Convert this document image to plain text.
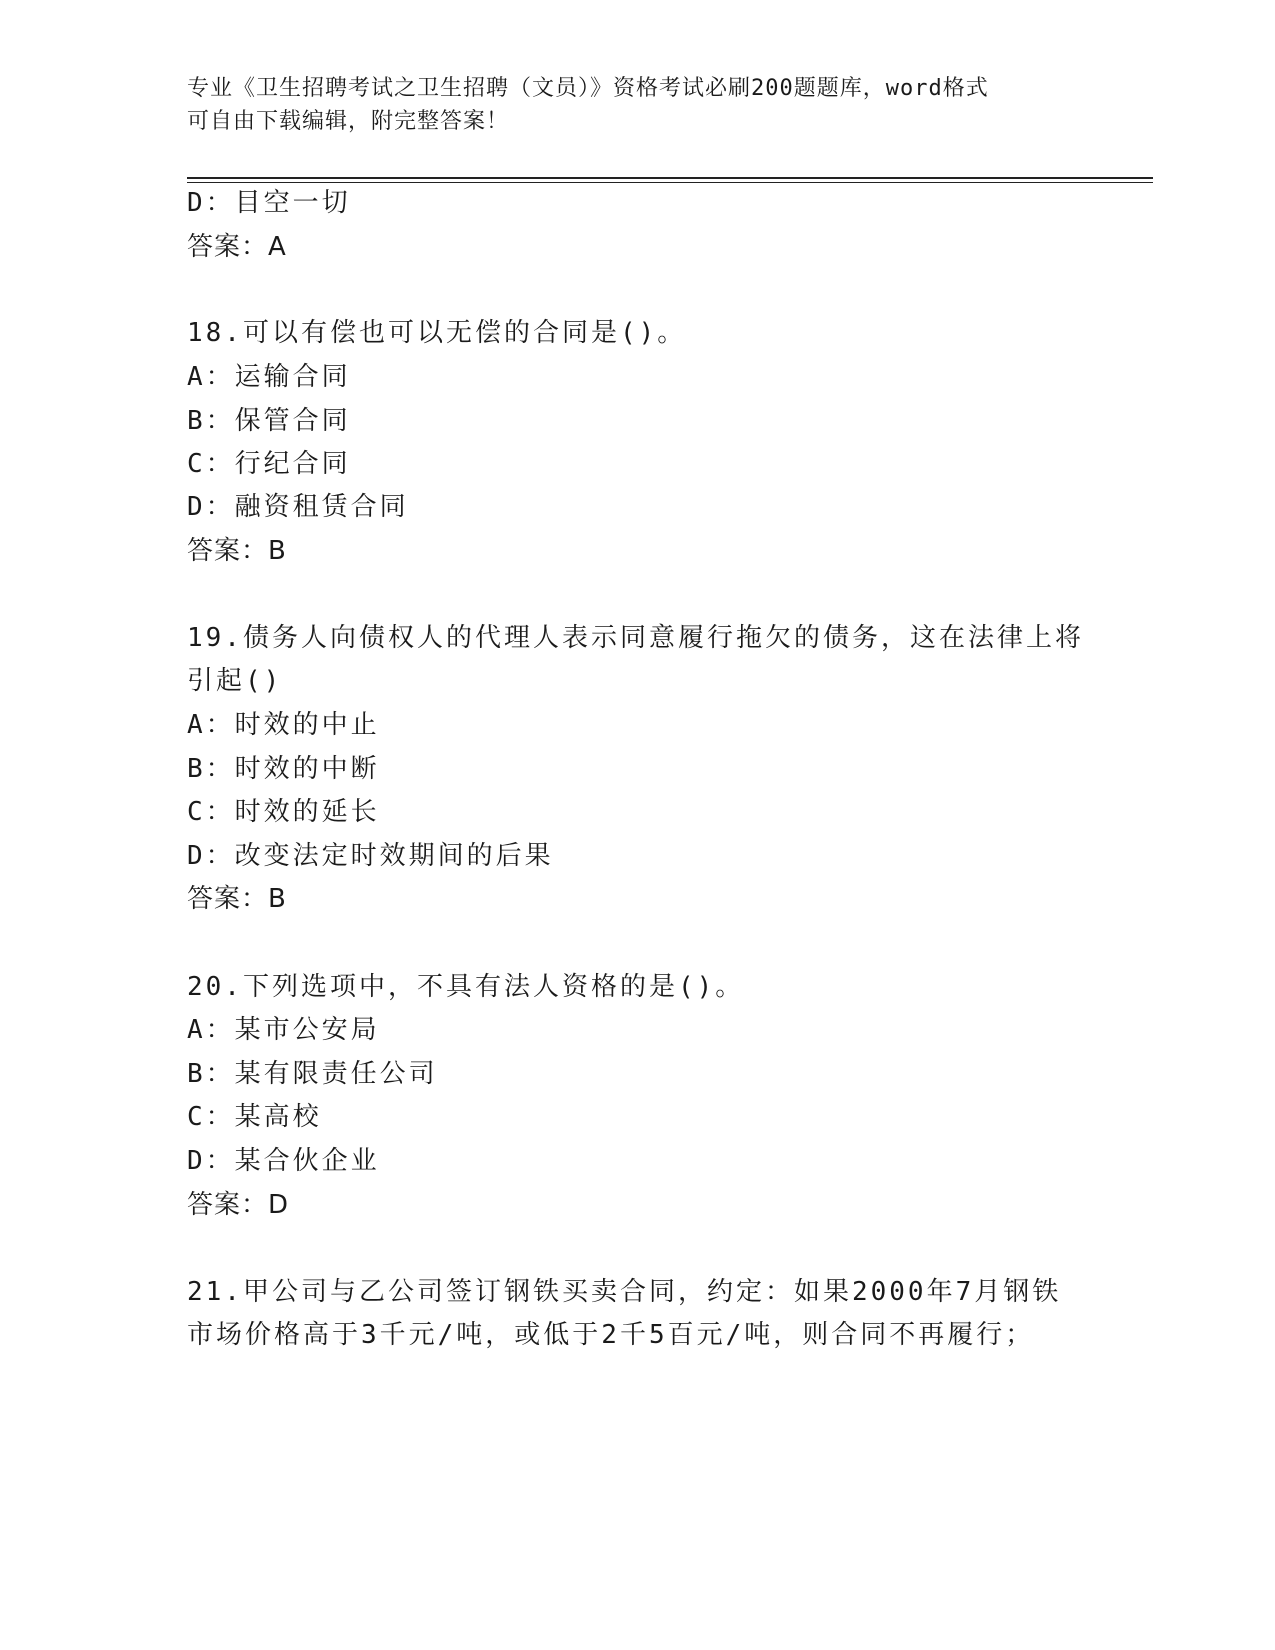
专业《卫生招聘考试之卫生招聘（文员）》资格考试必刷200题题库，word格式
可自由下载编辑，附完整答案！
D：目空一切
答案：A
18.可以有偿也可以无偿的合同是()。
A：运输合同
B：保管合同
C：行纪合同
D：融资租赁合同
答案：B
19.债务人向债权人的代理人表示同意履行拖欠的债务，这在法律上将
引起()
A：时效的中止
B：时效的中断
C：时效的延长
D：改变法定时效期间的后果
答案：B
20.下列选项中，不具有法人资格的是()。
A：某市公安局
B：某有限责任公司
C：某高校
D：某合伙企业
答案：D
21.甲公司与乙公司签订钢铁买卖合同，约定：如果2000年7月钢铁
市场价格高于3千元/吨，或低于2千5百元/吨，则合同不再履行；
